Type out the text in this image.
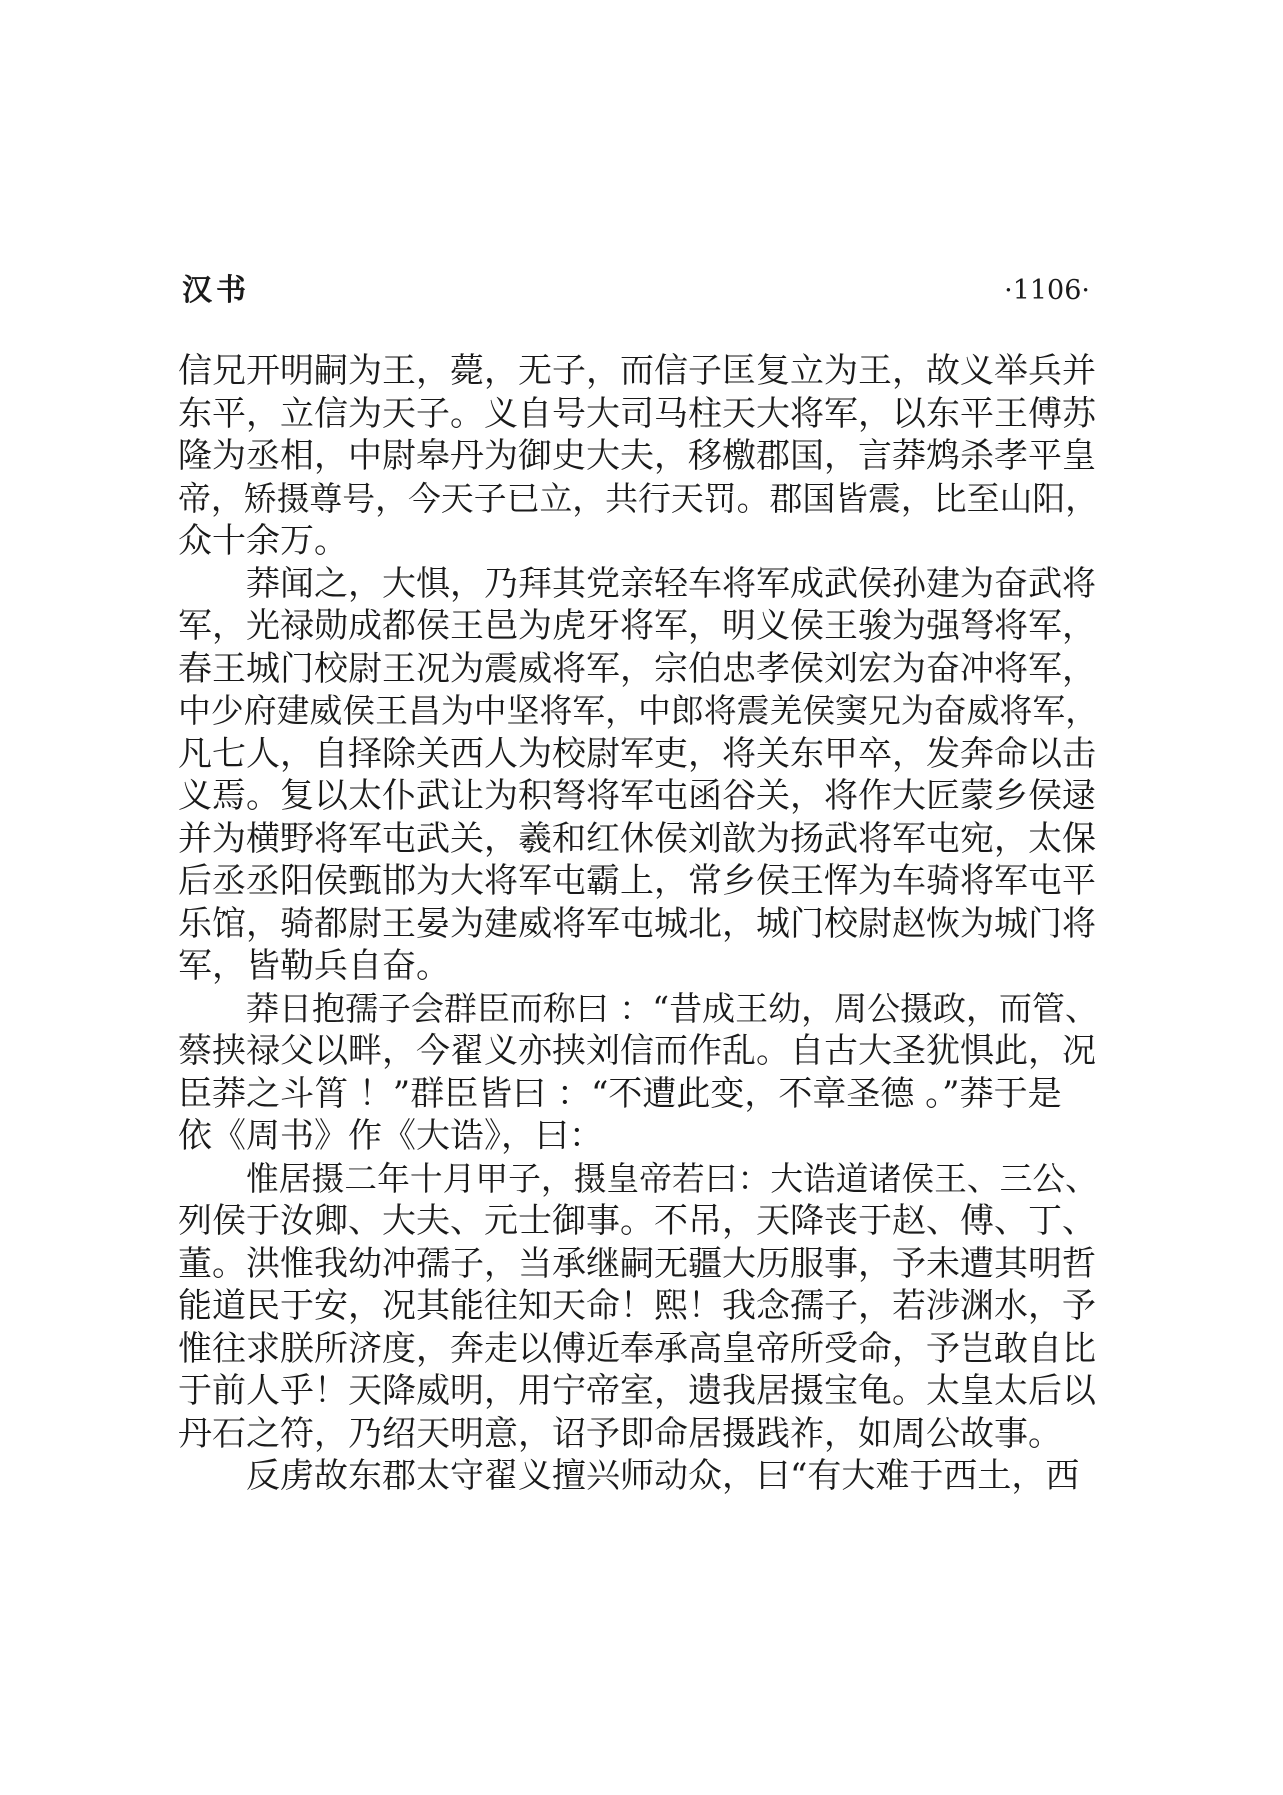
汉书	·1106·
信兄开明嗣为王，薨，无子，而信子匡复立为王，故义举兵并
东平，立信为天子。义自号大司马柱天大将军，以东平王傅苏
隆为丞相，中尉皋丹为御史大夫，移檄郡国，言莽鸩杀孝平皇
帝，矫摄尊号，今天子已立，共行天罚。郡国皆震，比至山阳，
众十余万。
莽闻之，大惧，乃拜其党亲轻车将军成武侯孙建为奋武将
军，光禄勋成都侯王邑为虎牙将军，明义侯王骏为强弩将军，
春王城门校尉王况为震威将军，宗伯忠孝侯刘宏为奋冲将军，
中少府建威侯王昌为中坚将军，中郎将震羌侯窦兄为奋威将军，
凡七人，自择除关西人为校尉军吏，将关东甲卒，发奔命以击
义焉。复以太仆武让为积弩将军屯函谷关，将作大匠蒙乡侯逯
并为横野将军屯武关，羲和红休侯刘歆为扬武将军屯宛，太保
后丞丞阳侯甄邯为大将军屯霸上，常乡侯王恽为车骑将军屯平
乐馆，骑都尉王晏为建威将军屯城北，城门校尉赵恢为城门将
军，皆勒兵自奋。
莽日抱孺子会群臣而称曰 ：“昔成王幼，周公摄政，而管、
蔡挟禄父以畔，今翟义亦挟刘信而作乱。自古大圣犹惧此，况
臣莽之斗筲 ！”群臣皆曰 ：“不遭此变，不章圣德 。”莽于是
依《周书》作《大诰》，曰：
惟居摄二年十月甲子，摄皇帝若曰：大诰道诸侯王、三公、
列侯于汝卿、大夫、元士御事。不吊，天降丧于赵、傅、丁、
董。洪惟我幼冲孺子，当承继嗣无疆大历服事，予未遭其明哲
能道民于安，况其能往知天命！熙！我念孺子，若涉渊水，予
惟往求朕所济度，奔走以傅近奉承高皇帝所受命，予岂敢自比
于前人乎！天降威明，用宁帝室，遗我居摄宝龟。太皇太后以
丹石之符，乃绍天明意，诏予即命居摄践祚，如周公故事。
反虏故东郡太守翟义擅兴师动众，曰“有大难于西土，西
